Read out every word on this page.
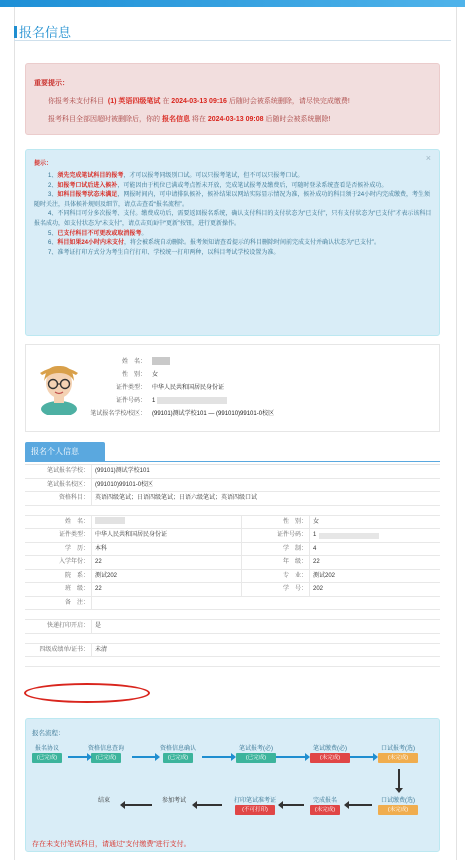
报名信息
重要提示：
你报考未支付科目 (1) 英语四级笔试 在 2024-03-13 09:16 后随时会被系统删除，请尽快完成缴费!
报考科目全部因超时被删除后，你的 报名信息 将在 2024-03-13 09:08 后随时会被系统删除!
×
提示：

1、须先完成笔试科目的报考，才可以报考同级别口试。可以只报考笔试，但不可以只报考口试。

2、如报考口试后进入候补，可能因由于机位已满或考点暂未开放，完成笔试报考及缴费后，可随时登录系统查看是否候补成功。

3、如科目报考状态未满足，网报时间内，可申请排队候补，候补结果以网站实际显示情况为准，候补成功的科目须于24小时内完成缴费，考生须随时关注，具体候补规则及细节，请点击查看“报名流程”。

4、不同科目可分多次报考、支付。缴费成功后，需要返回报名系统，确认支付科目的支付状态为“已支付”，只有支付状态为“已支付”才表示该科目报名成功，如支付状态为“未支付”，请点击页面中“更新”按钮，进行更新操作。

5、已支付科目不可更改或取消报考。

6、科目如果24小时内未支付，将会被系统自动删除。报考须知请查看提示的科目删除时间前完成支付并确认状态为“已支付”。

7、准考证打印方式分为考生自行打印、学校统一打印两种，以科目考试学校设置为准。

姓　名：
性　别： 女
证件类型： 中华人民共和国居民身份证
证件号码： 1
笔试报名学校/校区： (99101)测试学校101 — (991010)99101-0校区
报名个人信息
笔试报名学校： (99101)测试学校101
笔试报名校区： (991010)99101-0校区
资格科目： 英语四级笔试；日语四级笔试；日语六级笔试；英语四级口试
姓　名：	性　别： 女
证件类型： 中华人民共和国居民身份证	证件号码： 1
学　历： 本科	学　制： 4
入学年份： 22	年　级： 22
院　系： 测试202	专　业： 测试202
班　级： 22	学　号： 202
备　注：
快递打印开启： 是
四级成绩单/证书： 未清
报名流程：
报名协议
(已完成)
资格信息查询
(已完成)
资格信息确认
(已完成)
笔试报考(必)
(已完成)
笔试缴费(必)
(未完成)
口试报考(选)
(未完成)
口试缴费(选)
(未完成)
完成报名
(未完成)
打印笔试准考证
(不可打印)
参加考试
结束
存在未支付笔试科目，请通过“支付缴费”进行支付。
